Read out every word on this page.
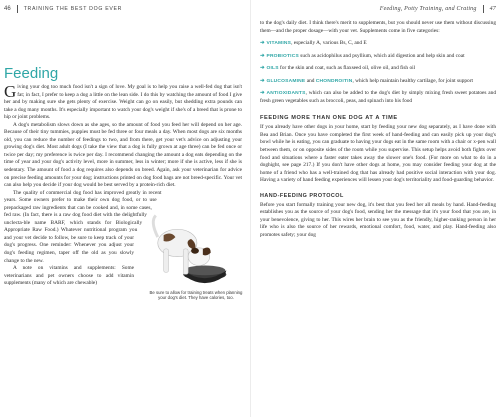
46	TRAINING THE BEST DOG EVER
Feeding

Giving your dog too much food isn't a sign of love. My goal is to help you raise a well-fed dog that isn't fat; in fact, I prefer to keep a dog a little on the lean side. I do this by watching the amount of food I give her and by making sure she gets plenty of exercise. Weight can go on easily, but shedding extra pounds can take a dog many months. It's especially important to watch your dog's weight if she's of a breed that is prone to hip or joint problems.

A dog's metabolism slows down as she ages, so the amount of food you feed her will depend on her age. Because of their tiny tummies, puppies must be fed three or four meals a day. When most dogs are six months old, you can reduce the number of feedings to two, and from there, get your vet's advice on adjusting your growing dog's diet. Most adult dogs (I take the view that a dog is fully grown at age three) can be fed once or twice per day; my preference is twice per day. I recommend changing the amount a dog eats depending on the time of year and your dog's activity level, more in summer, less in winter; more if she is active, less if she is sedentary. The amount of food a dog requires also depends on breed. Again, ask your veterinarian for advice on precise feeding amounts for your dog; instructions printed on dog food bags are not breed-specific. Your vet can also help you decide if your dog would be best served by a protein-rich diet.

Be sure to allow for training treats when planning your dog's diet. They have calories, too.

The quality of commercial dog food has improved greatly in recent years. Some owners prefer to make their own dog food, or to use prepackaged raw ingredients that can be cooked and, in some cases, fed raw. (In fact, there is a raw dog food diet with the delightfully unclecta-ble name BARF, which stands for Biologically Appropriate Raw Food.) Whatever nutritional program you and your vet decide to follow, be sure to keep track of your dog's progress. One reminder: Whenever you adjust your dog's feeding regimen, taper off the old as you slowly change to the new.

A note on vitamins and supplements: Some veterinarians and pet owners choose to add vitamin supplements (many of which are chewable)

Feeding, Potty Training, and Crating 47

to the dog's daily diet. I think there's merit to supplements, but you should never use them without discussing them—and the proper dosage—with your vet. Supplements come in five categories:

➜ VITAMINS, especially A, various Bs, C, and E

➜ PROBIOTICS such as acidophilus and psyllium, which aid digestion and help skin and coat

➜ OILS for the skin and coat, such as flaxseed oil, olive oil, and fish oil

➜ GLUCOSAMINE and CHONDROITIN, which help maintain healthy cartilage, for joint support

➜ ANTIOXIDANTS, which can also be added to the dog's diet by simply mixing fresh sweet potatoes and fresh green vegetables such as broccoli, peas, and spinach into his food

FEEDING MORE THAN ONE DOG AT A TIME

If you already have other dogs in your home, start by feeding your new dog separately, as I have done with Bea and Brian. Once you have completed the first week of hand-feeding and can easily pick up your dog's bowl while he is eating, you can graduate to having your dogs eat in the same room with a chair or x-pen wall between them, or on opposite sides of the room while you supervise. This setup helps avoid both fights over food and situations where a faster eater takes away the slower one's food. (For more on what to do in a doghight, see page 217.) If you don't have other dogs at home, you may consider feeding your dog at the home of a friend who has a well-trained dog that has already had positive social interaction with your dog. Having a variety of hand feeding experiences will lessen your dog's territoriality and food-guarding behavior.

HAND-FEEDING PROTOCOL

Before you start formally training your new dog, it's best that you feed her all meals by hand. Hand-feeding establishes you as the source of your dog's food, sending her the message that it's your food that you are, in your benevolence, giving to her. This wires her brain to see you as the friendly, higher-ranking person in her life who is also the source of her rewards, emotional comfort, food, water, and play. Hand-feeding also promotes safety; your dog
